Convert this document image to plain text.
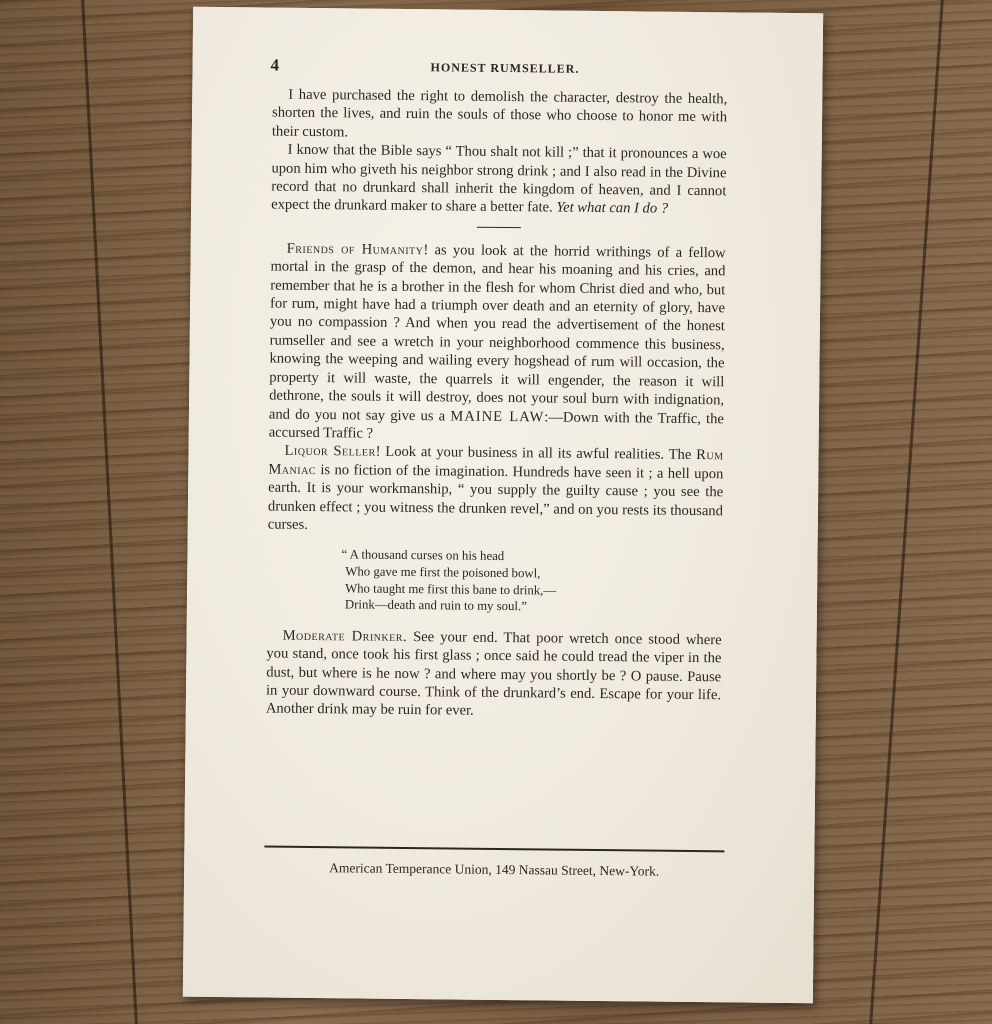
4	HONEST RUMSELLER.

I have purchased the right to demolish the character, destroy the health, shorten the lives, and ruin the souls of those who choose to honor me with their custom.

I know that the Bible says “ Thou shalt not kill ;” that it pronounces a woe upon him who giveth his neighbor strong drink ; and I also read in the Divine record that no drunkard shall inherit the kingdom of heaven, and I cannot expect the drunkard maker to share a better fate. Yet what can I do ?

Friends of Humanity! as you look at the horrid writhings of a fellow mortal in the grasp of the demon, and hear his moaning and his cries, and remember that he is a brother in the flesh for whom Christ died and who, but for rum, might have had a triumph over death and an eternity of glory, have you no compassion ? And when you read the advertisement of the honest rumseller and see a wretch in your neighborhood commence this business, knowing the weeping and wailing every hogshead of rum will occasion, the property it will waste, the quarrels it will engender, the reason it will dethrone, the souls it will destroy, does not your soul burn with indignation, and do you not say give us a MAINE LAW:—Down with the Traffic, the accursed Traffic ?

Liquor Seller! Look at your business in all its awful realities. The Rum Maniac is no fiction of the imagination. Hundreds have seen it ; a hell upon earth. It is your workmanship, “ you supply the guilty cause ; you see the drunken effect ; you witness the drunken revel,” and on you rests its thousand curses.

“ A thousand curses on his head
Who gave me first the poisoned bowl,
Who taught me first this bane to drink,—
Drink—death and ruin to my soul.”

Moderate Drinker. See your end. That poor wretch once stood where you stand, once took his first glass ; once said he could tread the viper in the dust, but where is he now ? and where may you shortly be ? O pause. Pause in your downward course. Think of the drunkard’s end. Escape for your life. Another drink may be ruin for ever.

American Temperance Union, 149 Nassau Street, New-York.
